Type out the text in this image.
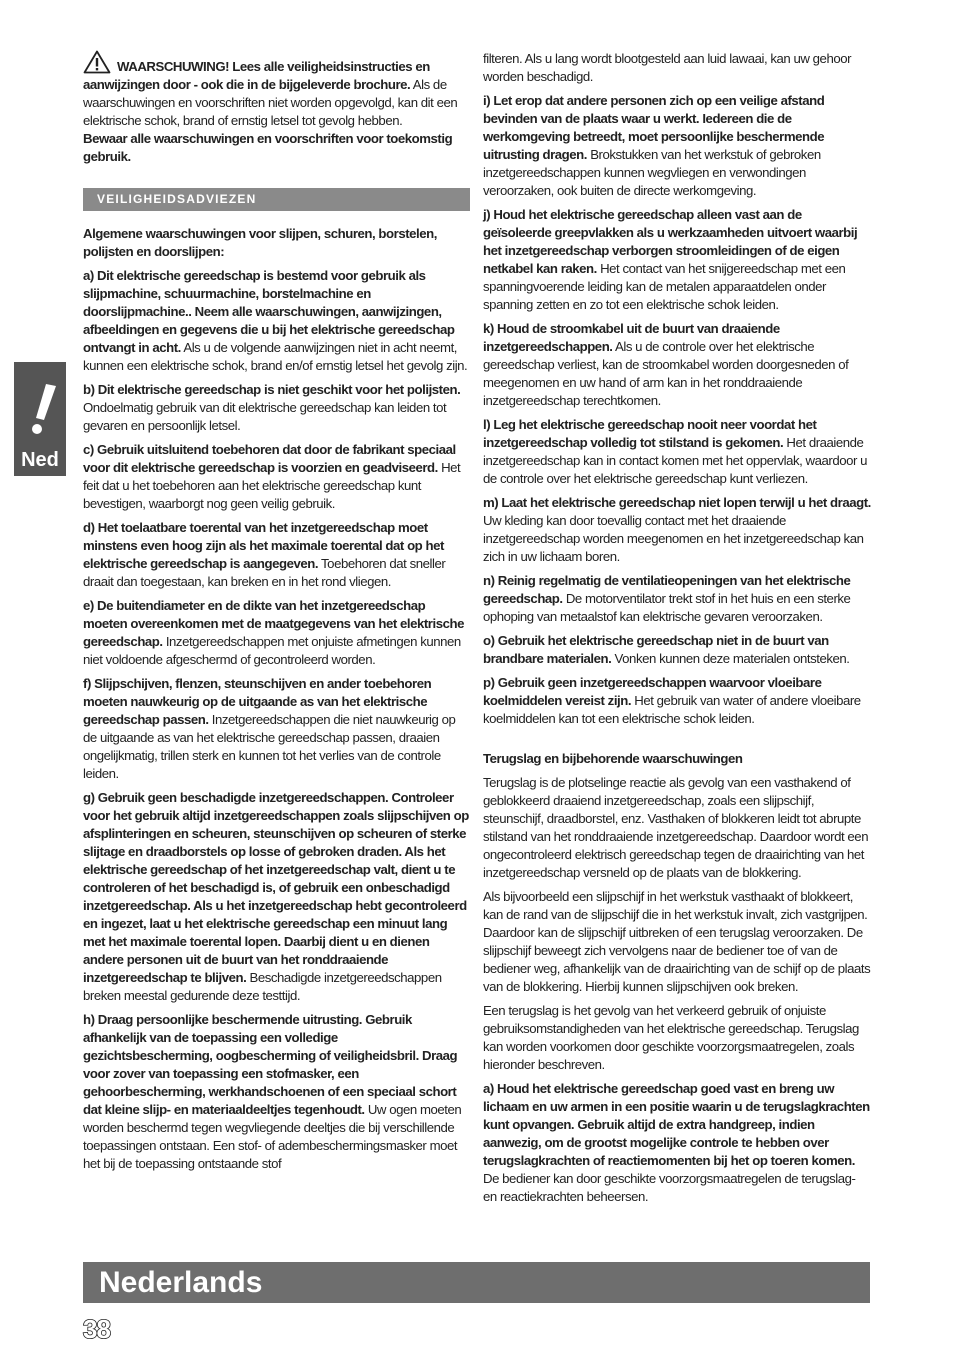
Ned

WAARSCHUWING! Lees alle veiligheidsinstructies en aanwijzingen door - ook die in de bijgeleverde brochure. Als de waarschuwingen en voorschriften niet worden opgevolgd, kan dit een elektrische schok, brand of ernstig letsel tot gevolg hebben.
Bewaar alle waarschuwingen en voorschriften voor toekomstig gebruik.

VEILIGHEIDSADVIEZEN

Algemene waarschuwingen voor slijpen, schuren, borstelen, polijsten en doorslijpen:

a) Dit elektrische gereedschap is bestemd voor gebruik als slijpmachine, schuurmachine, borstelmachine en doorslijpmachine.. Neem alle waarschuwingen, aanwijzingen, afbeeldingen en gegevens die u bij het elektrische gereedschap ontvangt in acht. Als u de volgende aanwijzingen niet in acht neemt, kunnen een elektrische schok, brand en/of ernstig letsel het gevolg zijn.

b) Dit elektrische gereedschap is niet geschikt voor het polijsten. Ondoelmatig gebruik van dit elektrische gereedschap kan leiden tot gevaren en persoonlijk letsel.

c) Gebruik uitsluitend toebehoren dat door de fabrikant speciaal voor dit elektrische gereedschap is voorzien en geadviseerd. Het feit dat u het toebehoren aan het elektrische gereedschap kunt bevestigen, waarborgt nog geen veilig gebruik.

d) Het toelaatbare toerental van het inzetgereedschap moet minstens even hoog zijn als het maximale toerental dat op het elektrische gereedschap is aangegeven. Toebehoren dat sneller draait dan toegestaan, kan breken en in het rond vliegen.

e) De buitendiameter en de dikte van het inzetgereedschap moeten overeenkomen met de maatgegevens van het elektrische gereedschap. Inzetgereedschappen met onjuiste afmetingen kunnen niet voldoende afgeschermd of gecontroleerd worden.

f) Slijpschijven, flenzen, steunschijven en ander toebehoren moeten nauwkeurig op de uitgaande as van het elektrische gereedschap passen. Inzetgereedschappen die niet nauwkeurig op de uitgaande as van het elektrische gereedschap passen, draaien ongelijkmatig, trillen sterk en kunnen tot het verlies van de controle leiden.

g) Gebruik geen beschadigde inzetgereedschappen. Controleer voor het gebruik altijd inzetgereedschappen zoals slijpschijven op afsplinteringen en scheuren, steunschijven op scheuren of sterke slijtage en draadborstels op losse of gebroken draden. Als het elektrische gereedschap of het inzetgereedschap valt, dient u te controleren of het beschadigd is, of gebruik een onbeschadigd inzetgereedschap. Als u het inzetgereedschap hebt gecontroleerd en ingezet, laat u het elektrische gereedschap een minuut lang met het maximale toerental lopen. Daarbij dient u en dienen andere personen uit de buurt van het ronddraaiende inzetgereedschap te blijven. Beschadigde inzetgereedschappen breken meestal gedurende deze testtijd.

h) Draag persoonlijke beschermende uitrusting. Gebruik afhankelijk van de toepassing een volledige gezichtsbescherming, oogbescherming of veiligheidsbril. Draag voor zover van toepassing een stofmasker, een gehoorbescherming, werkhandschoenen of een speciaal schort dat kleine slijp- en materiaaldeeltjes tegenhoudt. Uw ogen moeten worden beschermd tegen wegvliegende deeltjes die bij verschillende toepassingen ontstaan. Een stof- of adembeschermingsmasker moet het bij de toepassing ontstaande stof

filteren. Als u lang wordt blootgesteld aan luid lawaai, kan uw gehoor worden beschadigd.

i) Let erop dat andere personen zich op een veilige afstand bevinden van de plaats waar u werkt. Iedereen die de werkomgeving betreedt, moet persoonlijke beschermende uitrusting dragen. Brokstukken van het werkstuk of gebroken inzetgereedschappen kunnen wegvliegen en verwondingen veroorzaken, ook buiten de directe werkomgeving.

j) Houd het elektrische gereedschap alleen vast aan de geïsoleerde greepvlakken als u werkzaamheden uitvoert waarbij het inzetgereedschap verborgen stroomleidingen of de eigen netkabel kan raken. Het contact van het snijgereedschap met een spanningvoerende leiding kan de metalen apparaatdelen onder spanning zetten en zo tot een elektrische schok leiden.

k) Houd de stroomkabel uit de buurt van draaiende inzetgereedschappen. Als u de controle over het elektrische gereedschap verliest, kan de stroomkabel worden doorgesneden of meegenomen en uw hand of arm kan in het ronddraaiende inzetgereedschap terechtkomen.

l) Leg het elektrische gereedschap nooit neer voordat het inzetgereedschap volledig tot stilstand is gekomen. Het draaiende inzetgereedschap kan in contact komen met het oppervlak, waardoor u de controle over het elektrische gereedschap kunt verliezen.

m) Laat het elektrische gereedschap niet lopen terwijl u het draagt. Uw kleding kan door toevallig contact met het draaiende inzetgereedschap worden meegenomen en het inzetgereedschap kan zich in uw lichaam boren.

n) Reinig regelmatig de ventilatieopeningen van het elektrische gereedschap. De motorventilator trekt stof in het huis en een sterke ophoping van metaalstof kan elektrische gevaren veroorzaken.

o) Gebruik het elektrische gereedschap niet in de buurt van brandbare materialen. Vonken kunnen deze materialen ontsteken.

p) Gebruik geen inzetgereedschappen waarvoor vloeibare koelmiddelen vereist zijn. Het gebruik van water of andere vloeibare koelmiddelen kan tot een elektrische schok leiden.

Terugslag en bijbehorende waarschuwingen

Terugslag is de plotselinge reactie als gevolg van een vasthakend of geblokkeerd draaiend inzetgereedschap, zoals een slijpschijf, steunschijf, draadborstel, enz. Vasthaken of blokkeren leidt tot abrupte stilstand van het ronddraaiende inzetgereedschap. Daardoor wordt een ongecontroleerd elektrisch gereedschap tegen de draairichting van het inzetgereedschap versneld op de plaats van de blokkering.

Als bijvoorbeeld een slijpschijf in het werkstuk vasthaakt of blokkeert, kan de rand van de slijpschijf die in het werkstuk invalt, zich vastgrijpen. Daardoor kan de slijpschijf uitbreken of een terugslag veroorzaken. De slijpschijf beweegt zich vervolgens naar de bediener toe of van de bediener weg, afhankelijk van de draairichting van de schijf op de plaats van de blokkering. Hierbij kunnen slijpschijven ook breken.

Een terugslag is het gevolg van het verkeerd gebruik of onjuiste gebruiksomstandigheden van het elektrische gereedschap. Terugslag kan worden voorkomen door geschikte voorzorgsmaatregelen, zoals hieronder beschreven.

a) Houd het elektrische gereedschap goed vast en breng uw lichaam en uw armen in een positie waarin u de terugslagkrachten kunt opvangen. Gebruik altijd de extra handgreep, indien aanwezig, om de grootst mogelijke controle te hebben over terugslagkrachten of reactiemomenten bij het op toeren komen. De bediener kan door geschikte voorzorgsmaatregelen de terugslag- en reactiekrachten beheersen.

Nederlands
38
